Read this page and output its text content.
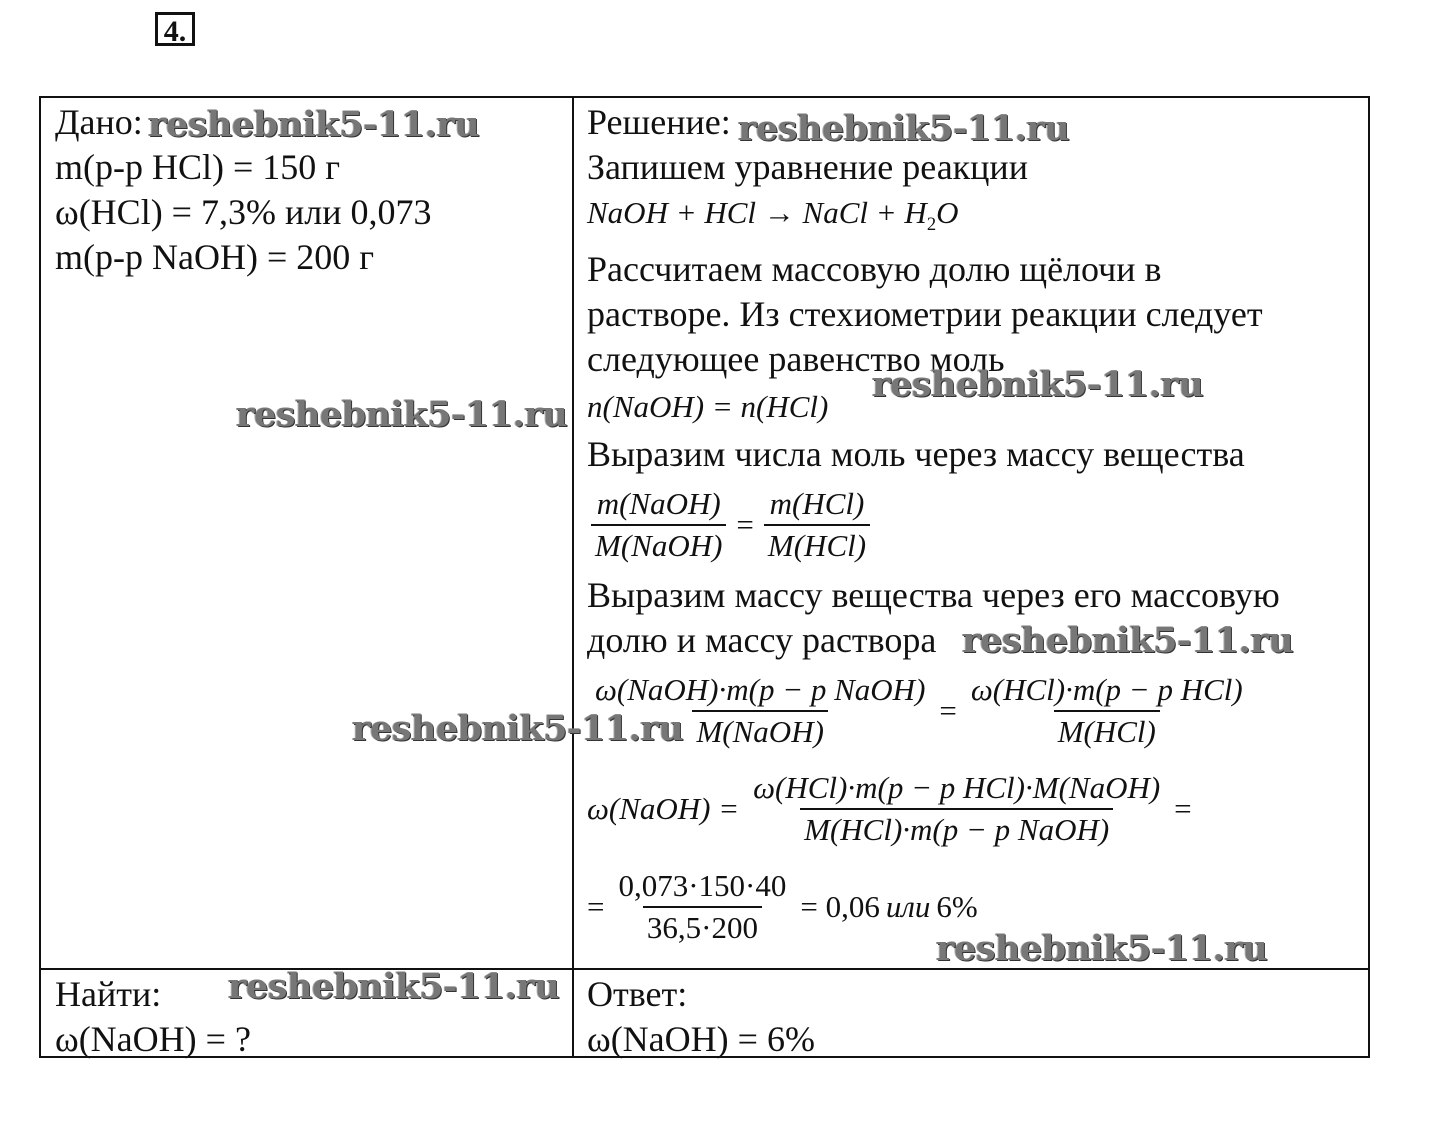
4.
Дано:
m(р-р HCl) = 150 г
ω(HCl) = 7,3% или 0,073
m(р-р NaOH) = 200 г
Решение:
Запишем уравнение реакции
NaOH + HCl → NaCl + $H_2O$
Рассчитаем массовую долю щёлочи в
растворе. Из стехиометрии реакции следует
следующее равенство моль
n(NaOH) = n(HCl)
Выразим числа моль через массу вещества
$\frac{\text{m(NaOH)}}{\text{M(NaOH)}} = \frac{\text{m(HCl)}}{\text{M(HCl)}}$
Выразим массу вещества через его массовую
долю и массу раствора
$\frac{\text{ω(NaOH)·m(p − p NaOH)}}{\text{M(NaOH)}} = \frac{\text{ω(HCl)·m(p − p HCl)}}{\text{M(HCl)}}$
ω(NaOH) = $\frac{\text{ω(HCl)·m(p − p HCl)·M(NaOH)}}{\text{M(HCl)·m(p − p NaOH)}}$ =
= $\frac{0,073\cdot 150\cdot 40}{36,5\cdot 200} = 0,06$ или 6%
Найти:
ω(NaOH) = ?
Ответ:
ω(NaOH) = 6%
reshebnik5-11.ru	reshebnik5-11.ru
reshebnik5-11.ru
reshebnik5-11.ru
reshebnik5-11.ru
reshebnik5-11.ru
reshebnik5-11.ru
reshebnik5-11.ru
